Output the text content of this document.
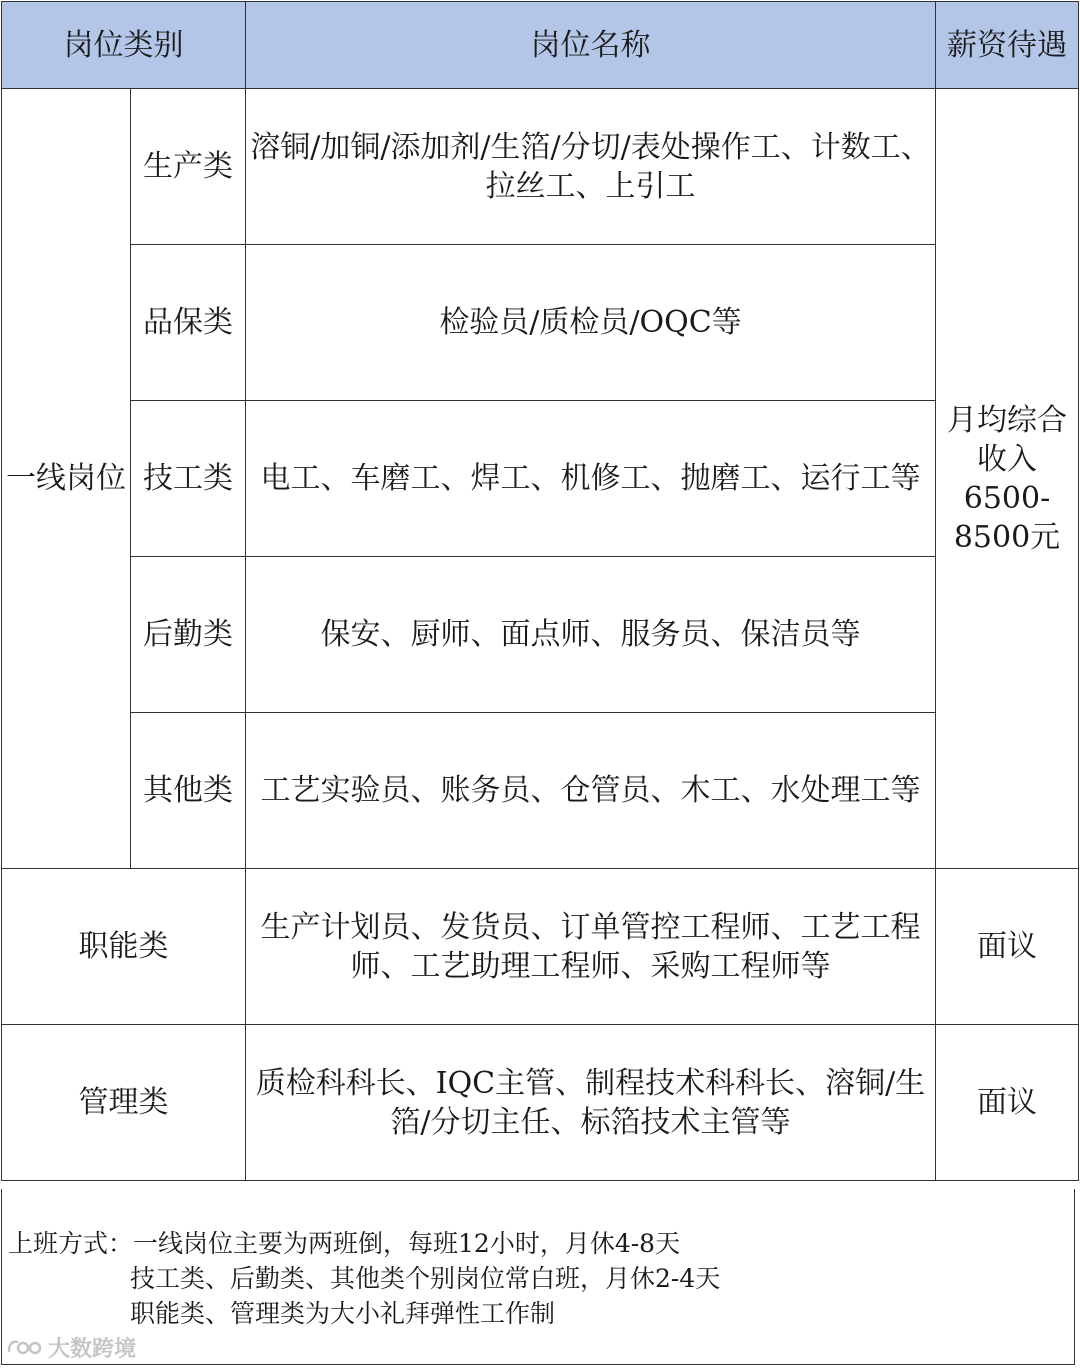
岗位类别		岗位名称	薪资待遇
一线岗位	生产类	溶铜/加铜/添加剂/生箔/分切/表处操作工、计数工、拉丝工、上引工	月均综合收入6500-8500元
	品保类	检验员/质检员/OQC等	
	技工类	电工、车磨工、焊工、机修工、抛磨工、运行工等	
	后勤类	保安、厨师、面点师、服务员、保洁员等	
	其他类	工艺实验员、账务员、仓管员、木工、水处理工等	
职能类		生产计划员、发货员、订单管控工程师、工艺工程师、工艺助理工程师、采购工程师等	面议
管理类		质检科科长、IQC主管、制程技术科科长、溶铜/生箔/分切主任、标箔技术主管等	面议
上班方式：一线岗位主要为两班倒，每班12小时，月休4-8天
技工类、后勤类、其他类个别岗位常白班，月休2-4天
职能类、管理类为大小礼拜弹性工作制
大数跨境
